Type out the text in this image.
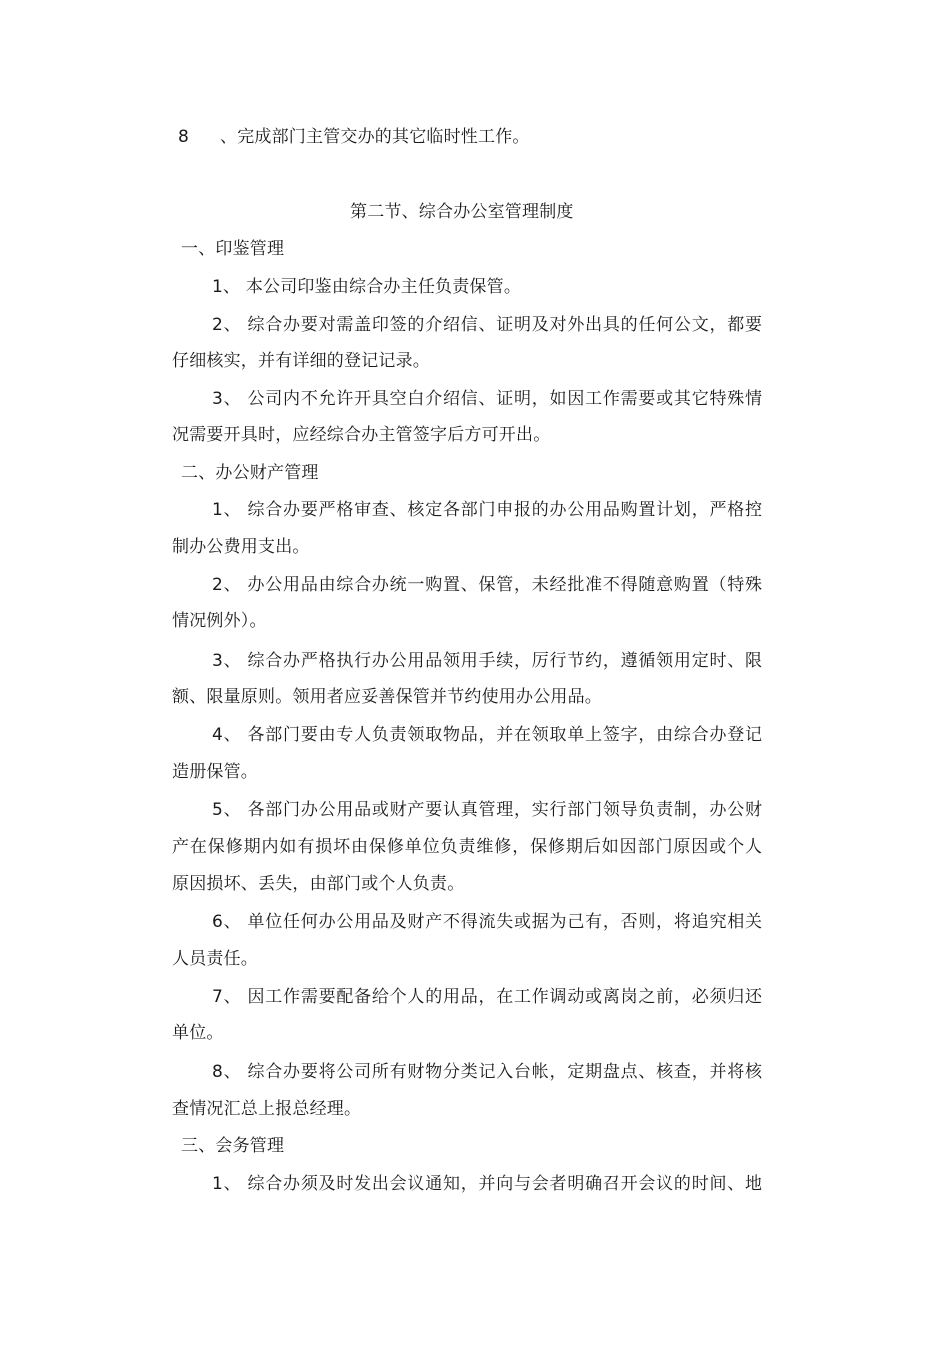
8 、完成部门主管交办的其它临时性工作。
第二节、综合办公室管理制度
一、印鉴管理
1、 本公司印鉴由综合办主任负责保管。
2、 综合办要对需盖印签的介绍信、证明及对外出具的任何公文，都要
仔细核实，并有详细的登记记录。
3、 公司内不允许开具空白介绍信、证明，如因工作需要或其它特殊情
况需要开具时，应经综合办主管签字后方可开出。
二、办公财产管理
1、 综合办要严格审查、核定各部门申报的办公用品购置计划，严格控
制办公费用支出。
2、 办公用品由综合办统一购置、保管，未经批准不得随意购置（特殊
情况例外）。
3、 综合办严格执行办公用品领用手续，厉行节约，遵循领用定时、限
额、限量原则。领用者应妥善保管并节约使用办公用品。
4、 各部门要由专人负责领取物品，并在领取单上签字，由综合办登记
造册保管。
5、 各部门办公用品或财产要认真管理，实行部门领导负责制，办公财
产在保修期内如有损坏由保修单位负责维修，保修期后如因部门原因或个人
原因损坏、丢失，由部门或个人负责。
6、 单位任何办公用品及财产不得流失或据为己有，否则，将追究相关
人员责任。
7、 因工作需要配备给个人的用品，在工作调动或离岗之前，必须归还
单位。
8、 综合办要将公司所有财物分类记入台帐，定期盘点、核查，并将核
查情况汇总上报总经理。
三、会务管理
1、 综合办须及时发出会议通知，并向与会者明确召开会议的时间、地
